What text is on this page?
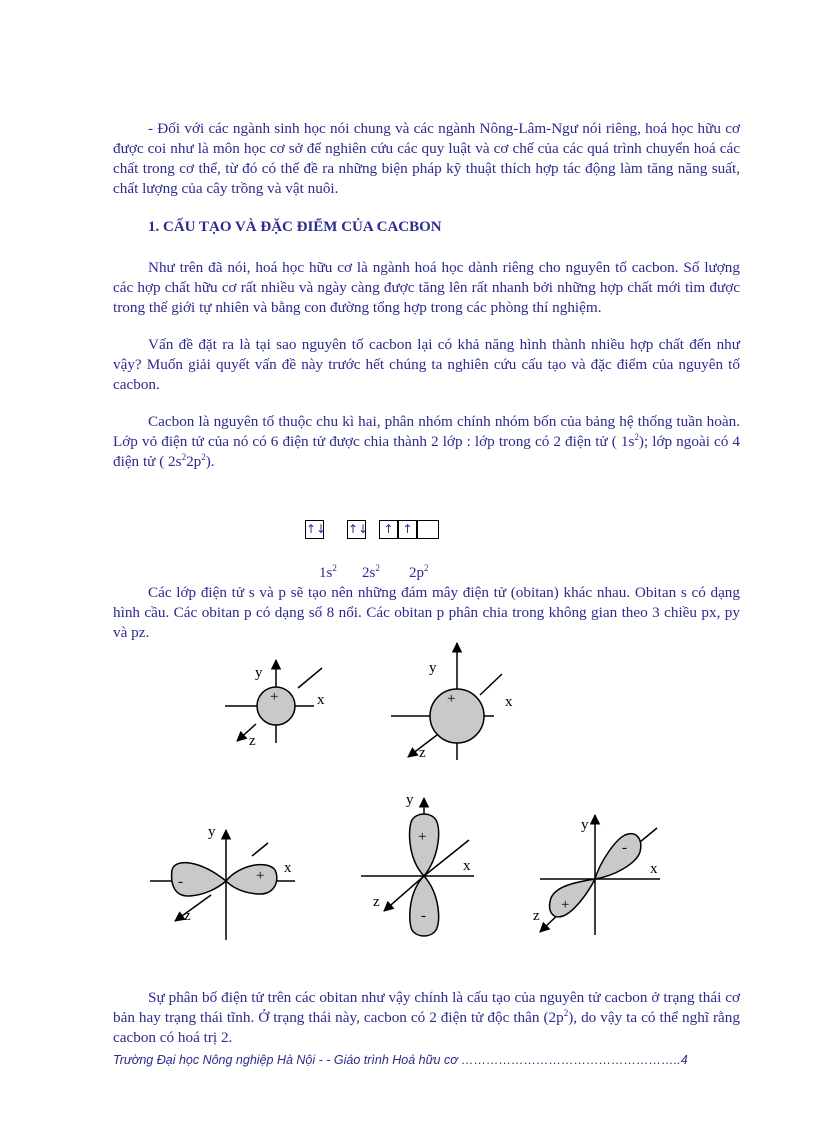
- Đối với các ngành sinh học nói chung và các ngành Nông-Lâm-Ngư nói riêng, hoá học hữu cơ được coi như là môn học cơ sở để nghiên cứu các quy luật và cơ chế của các quá trình chuyển hoá các chất trong cơ thể, từ đó có thể đề ra những biện pháp kỹ thuật thích hợp tác động làm tăng năng suất, chất lượng của cây trồng và vật nuôi.

1. CẤU TẠO VÀ ĐẶC ĐIỂM CỦA CACBON

Như trên đã nói, hoá học hữu cơ là ngành hoá học dành riêng cho nguyên tố cacbon. Số lượng các hợp chất hữu cơ rất nhiều và ngày càng được tăng lên rất nhanh bởi những hợp chất mới tìm được trong thế giới tự nhiên và bằng con đường tổng hợp trong các phòng thí nghiệm.

Vấn đề đặt ra là tại sao nguyên tố cacbon lại có khả năng hình thành nhiều hợp chất đến như vậy? Muốn giải quyết vấn đề này trước hết chúng ta nghiên cứu cấu tạo và đặc điểm của nguyên tố cacbon.

Cacbon là nguyên tố thuộc chu kì hai, phân nhóm chính nhóm bốn của bảng hệ thống tuần hoàn. Lớp vỏ điện tử của nó có 6 điện tử được chia thành 2 lớp : lớp trong có 2 điện tử ( $1s^2$); lớp ngoài có 4 điện tử ( $2s^22p^2$).

↑↓ ↑↓	↑ ↑
$1s^2$ $2s^2$ $2p^2$

Các lớp điện tử s và p sẽ tạo nên những đám mây điện tử (obitan) khác nhau. Obitan s có dạng hình cầu. Các obitan p có dạng số 8 nổi. Các obitan p phân chia trong không gian theo 3 chiều px, py và pz.

y
x
z
+
y
x
z
+
y
x
z
-	+
y
x
z
+
-
y
x
z
-
+

Sự phân bố điện tử trên các obitan như vậy chính là cấu tạo của nguyên tử cacbon ở trạng thái cơ bản hay trạng thái tĩnh. Ở trạng thái này, cacbon có 2 điện tử độc thân $(2p^2)$, do vậy ta có thể nghĩ rằng cacbon có hoá trị 2.

Trường Đại học Nông nghiệp Hà Nội - - Giáo trình Hoá hữu cơ ……………………………………………..4
